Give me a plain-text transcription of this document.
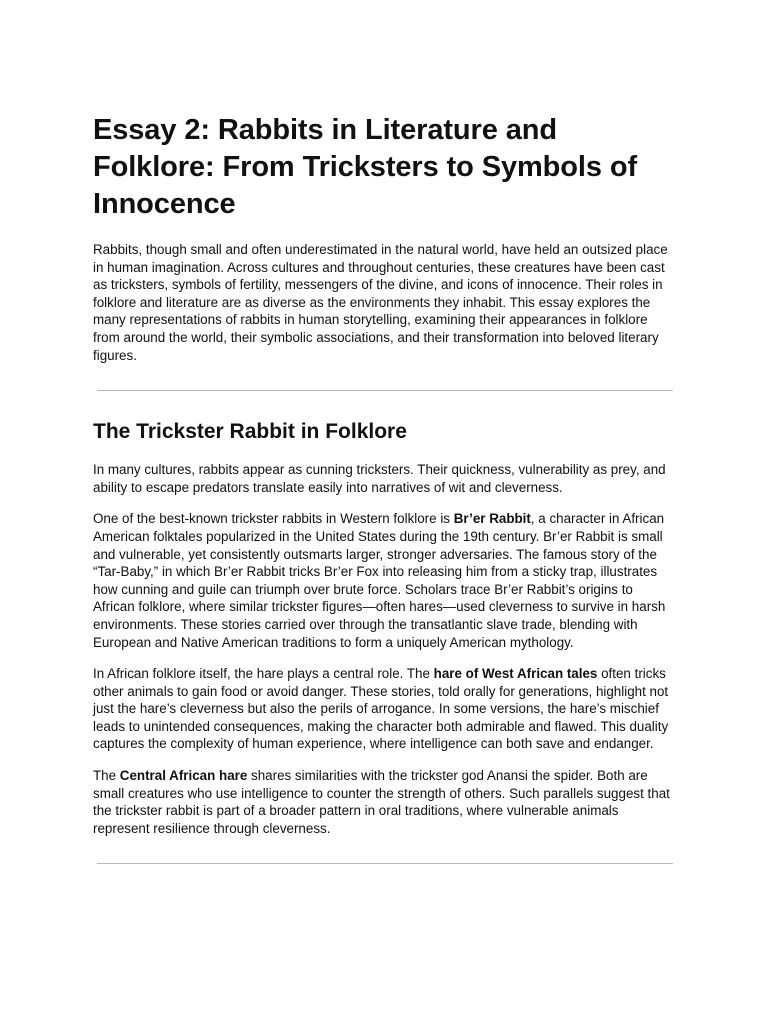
Essay 2: Rabbits in Literature and Folklore: From Tricksters to Symbols of Innocence

Rabbits, though small and often underestimated in the natural world, have held an outsized place in human imagination. Across cultures and throughout centuries, these creatures have been cast as tricksters, symbols of fertility, messengers of the divine, and icons of innocence. Their roles in folklore and literature are as diverse as the environments they inhabit. This essay explores the many representations of rabbits in human storytelling, examining their appearances in folklore from around the world, their symbolic associations, and their transformation into beloved literary figures.

The Trickster Rabbit in Folklore

In many cultures, rabbits appear as cunning tricksters. Their quickness, vulnerability as prey, and ability to escape predators translate easily into narratives of wit and cleverness.

One of the best-known trickster rabbits in Western folklore is Br’er Rabbit, a character in African American folktales popularized in the United States during the 19th century. Br’er Rabbit is small and vulnerable, yet consistently outsmarts larger, stronger adversaries. The famous story of the “Tar-Baby,” in which Br’er Rabbit tricks Br’er Fox into releasing him from a sticky trap, illustrates how cunning and guile can triumph over brute force. Scholars trace Br’er Rabbit’s origins to African folklore, where similar trickster figures—often hares—used cleverness to survive in harsh environments. These stories carried over through the transatlantic slave trade, blending with European and Native American traditions to form a uniquely American mythology.

In African folklore itself, the hare plays a central role. The hare of West African tales often tricks other animals to gain food or avoid danger. These stories, told orally for generations, highlight not just the hare’s cleverness but also the perils of arrogance. In some versions, the hare’s mischief leads to unintended consequences, making the character both admirable and flawed. This duality captures the complexity of human experience, where intelligence can both save and endanger.

The Central African hare shares similarities with the trickster god Anansi the spider. Both are small creatures who use intelligence to counter the strength of others. Such parallels suggest that the trickster rabbit is part of a broader pattern in oral traditions, where vulnerable animals represent resilience through cleverness.
